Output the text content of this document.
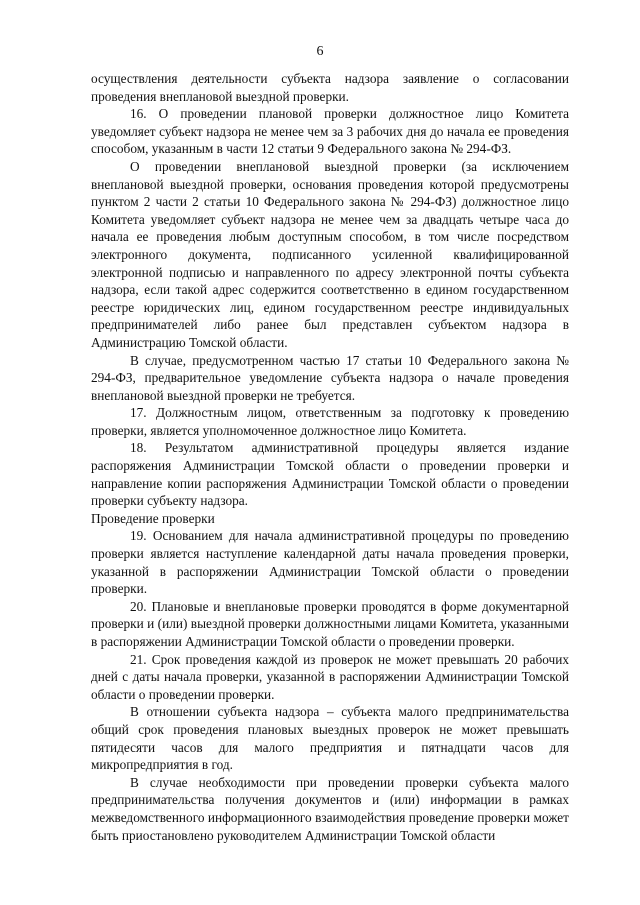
6

осуществления деятельности субъекта надзора заявление о согласовании проведения внеплановой выездной проверки.

16. О проведении плановой проверки должностное лицо Комитета уведомляет субъект надзора не менее чем за 3 рабочих дня до начала ее проведения способом, указанным в части 12 статьи 9 Федерального закона № 294-ФЗ.

О проведении внеплановой выездной проверки (за исключением внеплановой выездной проверки, основания проведения которой предусмотрены пунктом 2 части 2 статьи 10 Федерального закона № 294-ФЗ) должностное лицо Комитета уведомляет субъект надзора не менее чем за двадцать четыре часа до начала ее проведения любым доступным способом, в том числе посредством электронного документа, подписанного усиленной квалифицированной электронной подписью и направленного по адресу электронной почты субъекта надзора, если такой адрес содержится соответственно в едином государственном реестре юридических лиц, едином государственном реестре индивидуальных предпринимателей либо ранее был представлен субъектом надзора в Администрацию Томской области.

В случае, предусмотренном частью 17 статьи 10 Федерального закона № 294-ФЗ, предварительное уведомление субъекта надзора о начале проведения внеплановой выездной проверки не требуется.

17. Должностным лицом, ответственным за подготовку к проведению проверки, является уполномоченное должностное лицо Комитета.

18. Результатом административной процедуры является издание распоряжения Администрации Томской области о проведении проверки и направление копии распоряжения Администрации Томской области о проведении проверки субъекту надзора.

Проведение проверки

19. Основанием для начала административной процедуры по проведению проверки является наступление календарной даты начала проведения проверки, указанной в распоряжении Администрации Томской области о проведении проверки.

20. Плановые и внеплановые проверки проводятся в форме документарной проверки и (или) выездной проверки должностными лицами Комитета, указанными в распоряжении Администрации Томской области о проведении проверки.

21. Срок проведения каждой из проверок не может превышать 20 рабочих дней с даты начала проверки, указанной в распоряжении Администрации Томской области о проведении проверки.

В отношении субъекта надзора – субъекта малого предпринимательства общий срок проведения плановых выездных проверок не может превышать пятидесяти часов для малого предприятия и пятнадцати часов для микропредприятия в год.

В случае необходимости при проведении проверки субъекта малого предпринимательства получения документов и (или) информации в рамках межведомственного информационного взаимодействия проведение проверки может быть приостановлено руководителем Администрации Томской области
